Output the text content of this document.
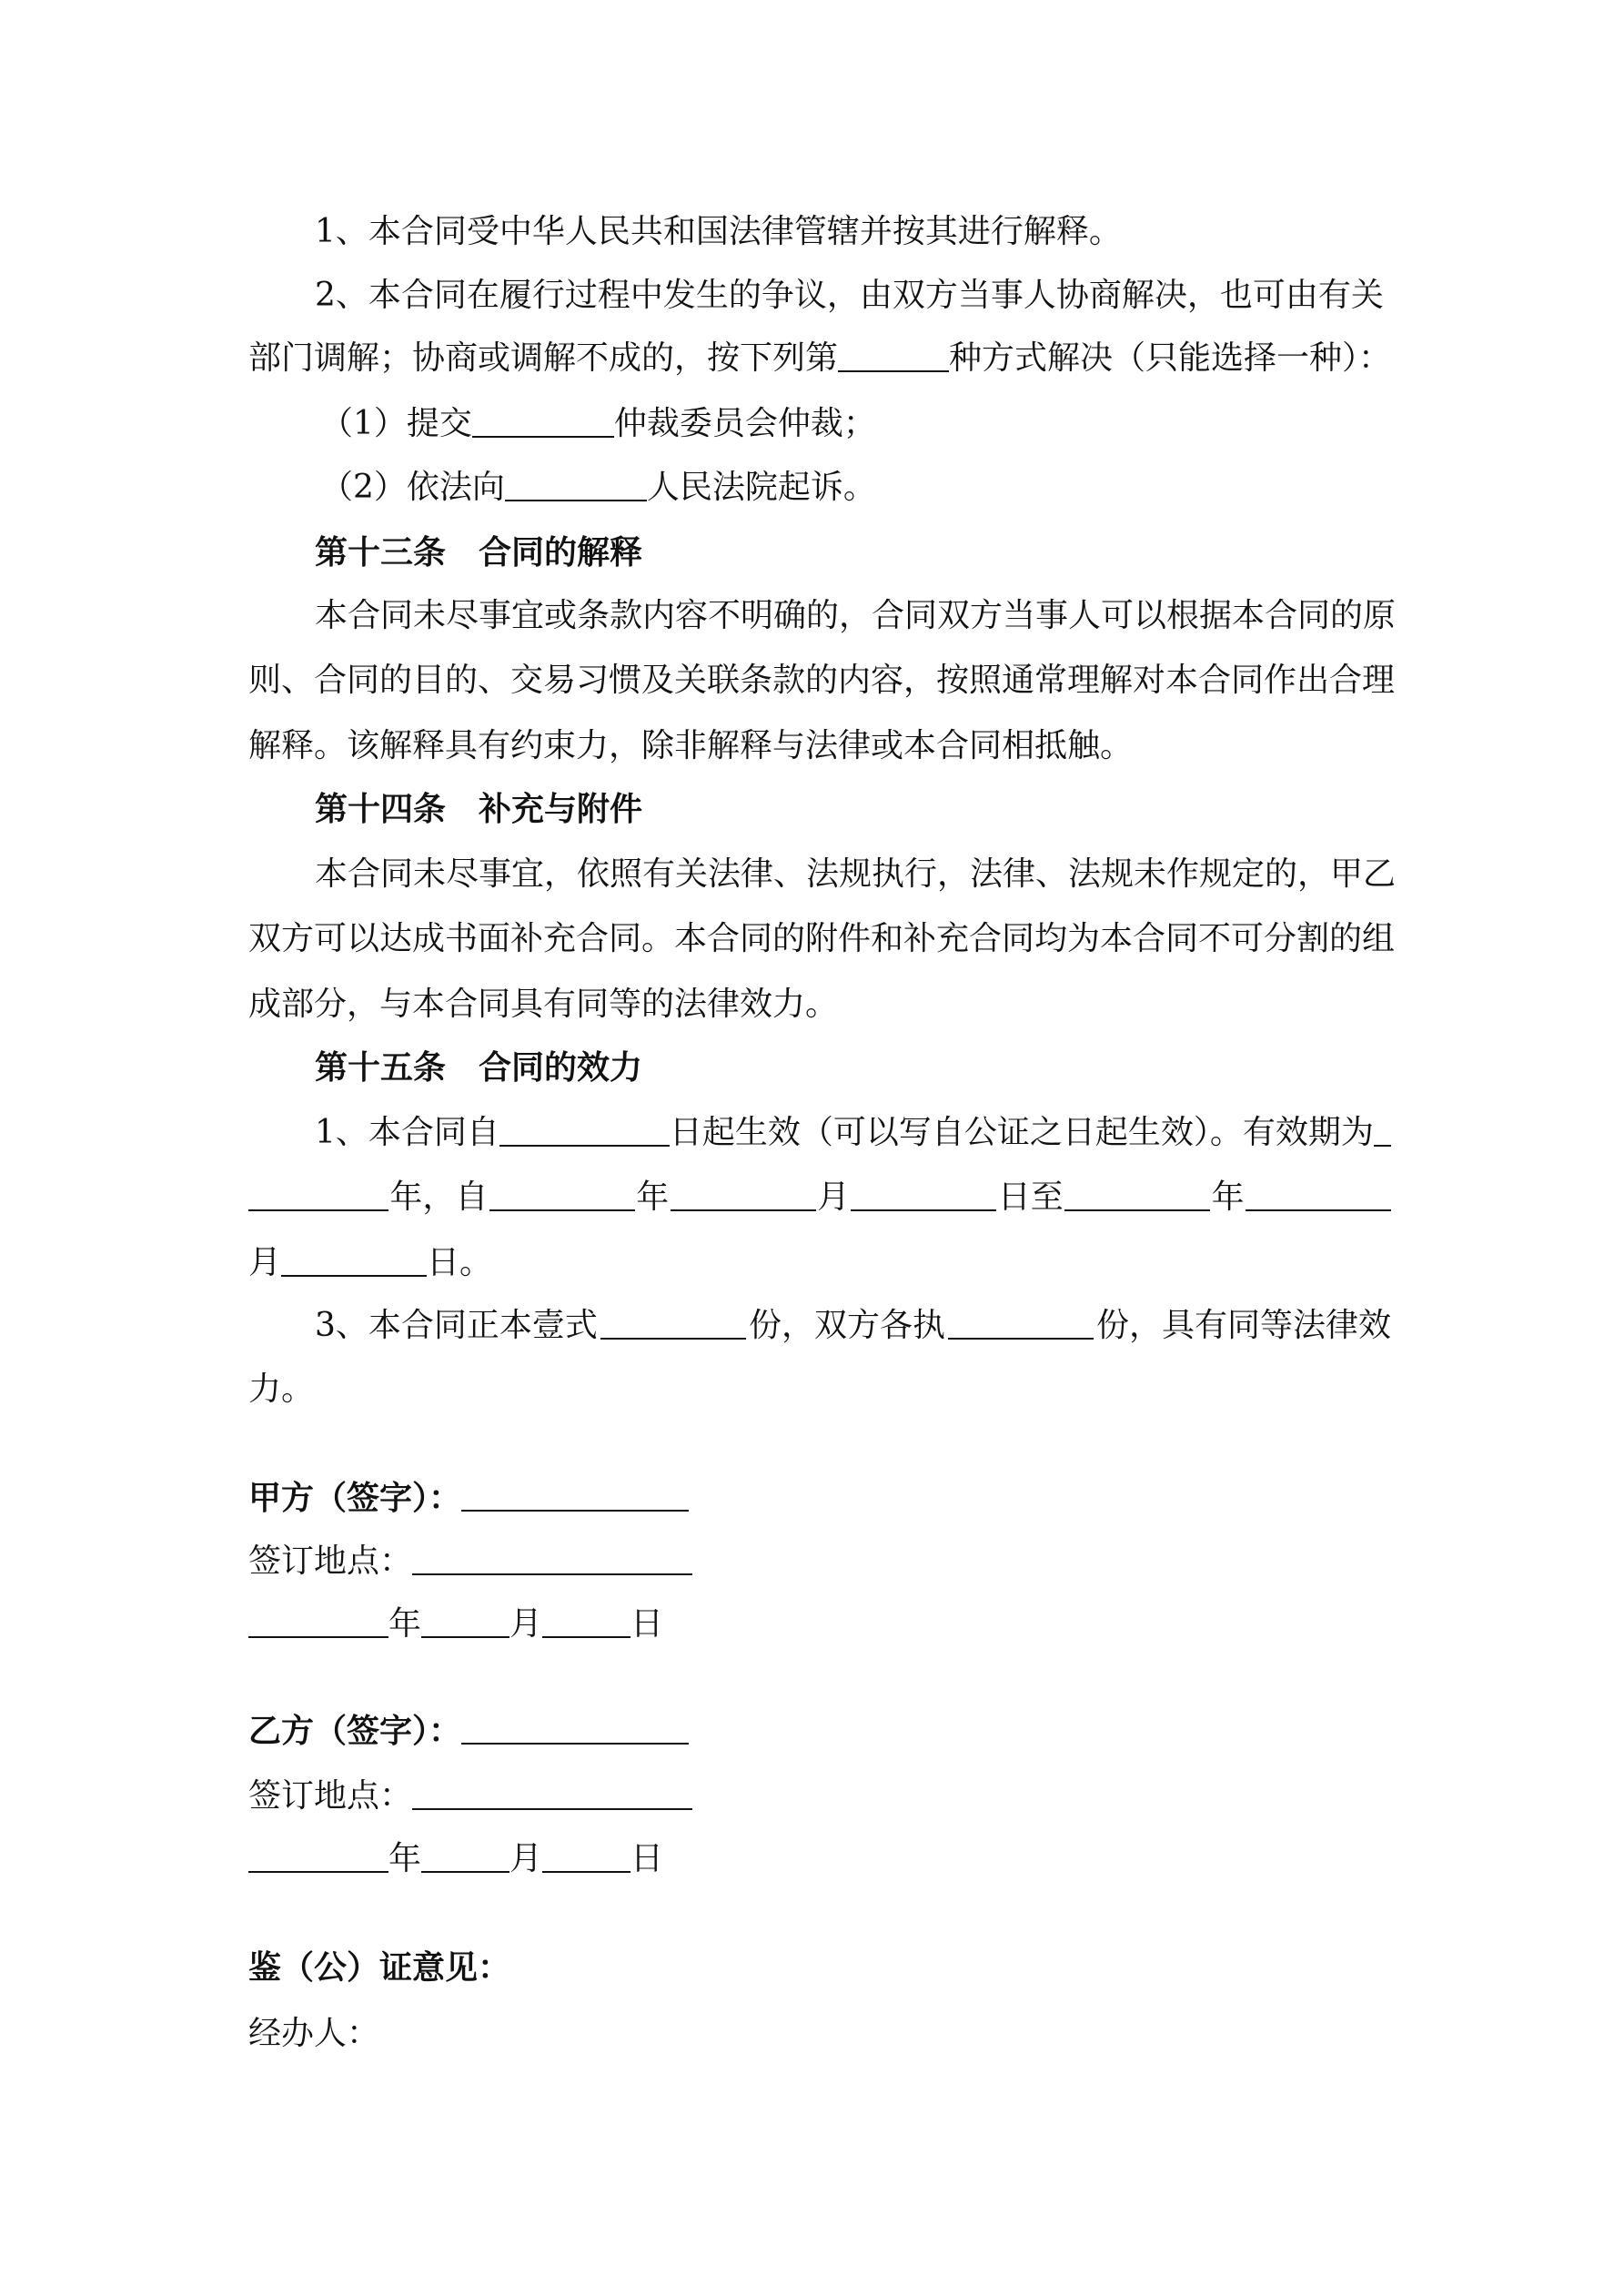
1、本合同受中华人民共和国法律管辖并按其进行解释。
2、本合同在履行过程中发生的争议，由双方当事人协商解决，也可由有关
部门调解；协商或调解不成的，按下列第	种方式解决（只能选择一种）：
（1）提交	仲裁委员会仲裁；
（2）依法向	人民法院起诉。
第十三条 合同的解释
本合同未尽事宜或条款内容不明确的，合同双方当事人可以根据本合同的原
则、合同的目的、交易习惯及关联条款的内容，按照通常理解对本合同作出合理
解释。该解释具有约束力，除非解释与法律或本合同相抵触。
第十四条 补充与附件
本合同未尽事宜，依照有关法律、法规执行，法律、法规未作规定的，甲乙
双方可以达成书面补充合同。本合同的附件和补充合同均为本合同不可分割的组
成部分，与本合同具有同等的法律效力。
第十五条 合同的效力
1、本合同自	日起生效（可以写自公证之日起生效）。有效期为
年，自	年	月	日至	年
月	日。
3、本合同正本壹式	份，双方各执	份，具有同等法律效
力。
甲方（签字）：
签订地点：
年	月	日
乙方（签字）：
签订地点：
年	月	日
鉴（公）证意见：
经办人：
